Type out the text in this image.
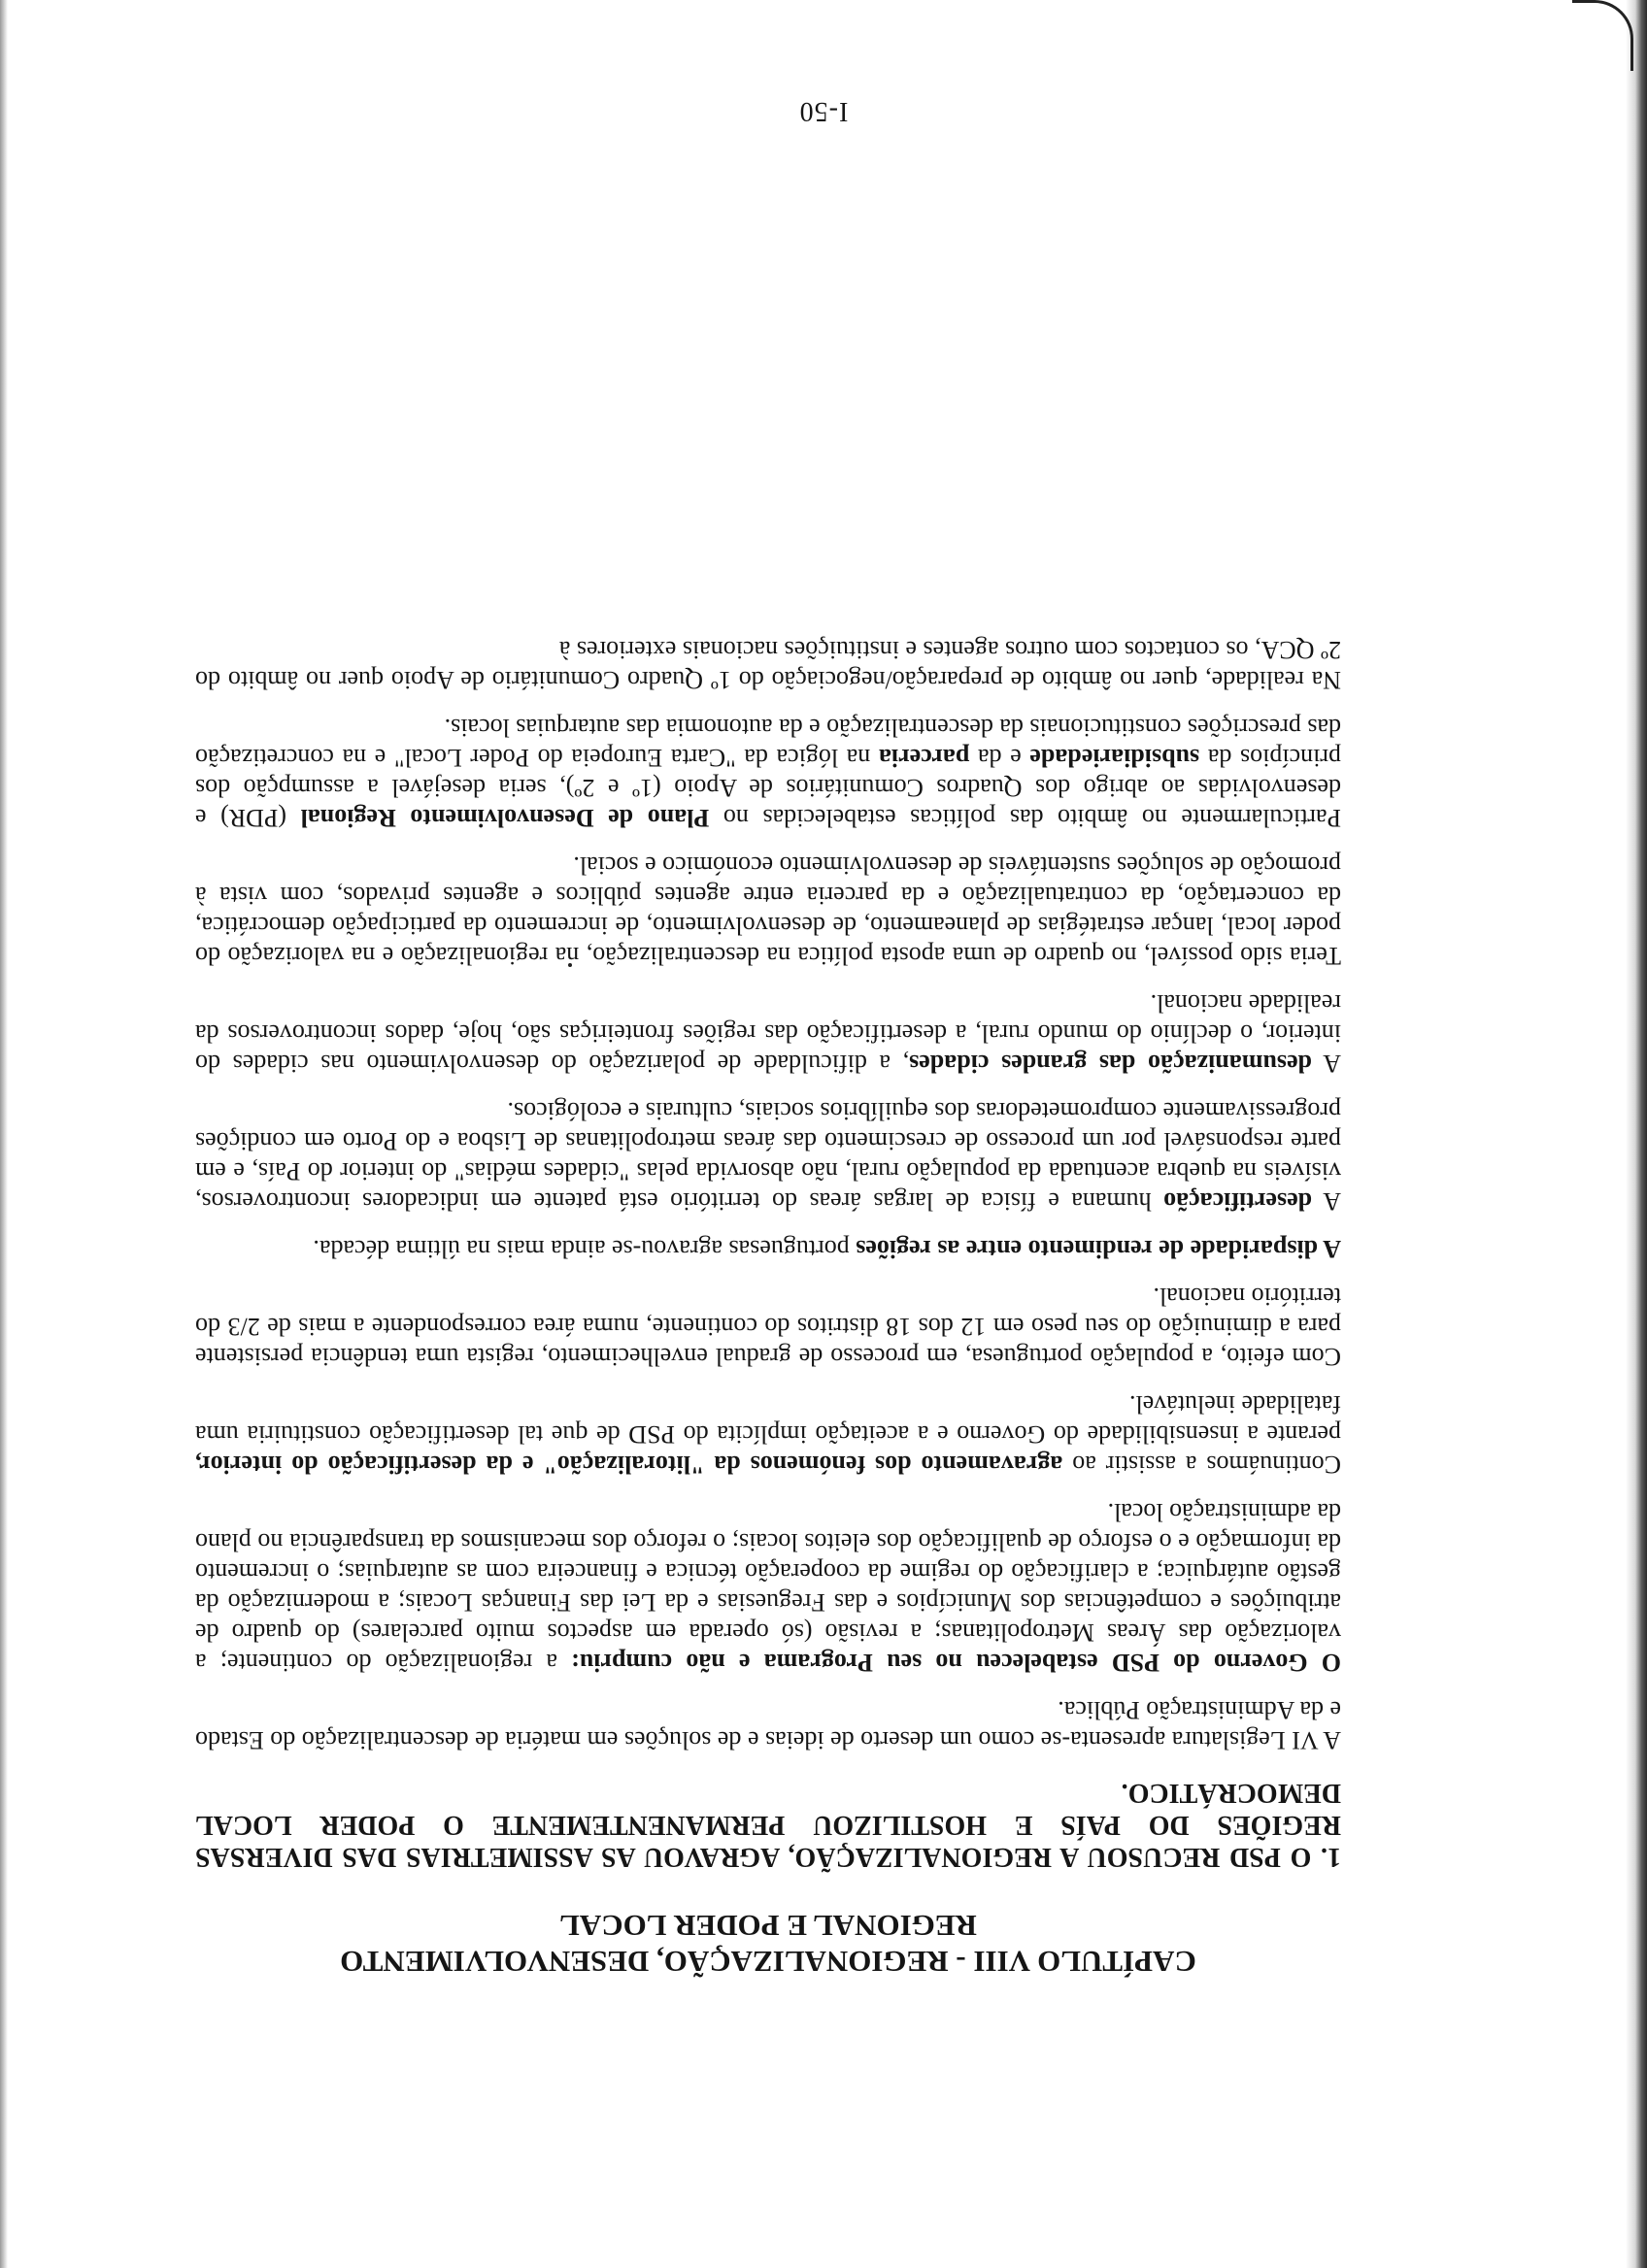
CAPÍTULO VIII - REGIONALIZAÇÃO, DESENVOLVIMENTO
REGIONAL E PODER LOCAL
1. O PSD RECUSOU A REGIONALIZAÇÃO, AGRAVOU AS ASSIMETRIAS DAS DIVERSAS REGIÕES DO PAÍS E HOSTILIZOU PERMANENTEMENTE O PODER LOCAL DEMOCRÁTICO.

A VI Legislatura apresenta-se como um deserto de ideias e de soluções em matéria de descentralização do Estado e da Administração Pública.

O Governo do PSD estabeleceu no seu Programa e não cumpriu: a regionalização do continente; a valorização das Áreas Metropolitanas; a revisão (só operada em aspectos muito parcelares) do quadro de atribuições e competências dos Municípios e das Freguesias e da Lei das Finanças Locais; a modernização da gestão autárquica; a clarificação do regime da cooperação técnica e financeira com as autarquias; o incremento da informação e o esforço de qualificação dos eleitos locais; o reforço dos mecanismos da transparência no plano da administração local.

Continuámos a assistir ao agravamento dos fenómenos da "litoralização" e da desertificação do interior, perante a insensibilidade do Governo e a aceitação implícita do PSD de que tal desertificação constituiria uma fatalidade inelutável.

Com efeito, a população portuguesa, em processo de gradual envelhecimento, regista uma tendência persistente para a diminuição do seu peso em 12 dos 18 distritos do continente, numa área correspondente a mais de 2/3 do território nacional.

A disparidade de rendimento entre as regiões portuguesas agravou-se ainda mais na última década.

A desertificação humana e física de largas áreas do território está patente em indicadores incontroversos, visíveis na quebra acentuada da população rural, não absorvida pelas "cidades médias" do interior do País, e em parte responsável por um processo de crescimento das áreas metropolitanas de Lisboa e do Porto em condições progressivamente comprometedoras dos equilíbrios sociais, culturais e ecológicos.

A desumanização das grandes cidades, a dificuldade de polarização do desenvolvimento nas cidades do interior, o declínio do mundo rural, a desertificação das regiões fronteiriças são, hoje, dados incontroversos da realidade nacional.

Teria sido possível, no quadro de uma aposta política na descentralização, na regionalização e na valorização do poder local, lançar estratégias de planeamento, de desenvolvimento, de incremento da participação democrática, da concertação, da contratualização e da parceria entre agentes públicos e agentes privados, com vista à promoção de soluções sustentáveis de desenvolvimento económico e social.

Particularmente no âmbito das políticas estabelecidas no Plano de Desenvolvimento Regional (PDR) e desenvolvidas ao abrigo dos Quadros Comunitários de Apoio (1º e 2º), seria desejável a assumpção dos princípios da subsidiariedade e da parceria na lógica da "Carta Europeia do Poder Local" e na concretização das prescrições constitucionais da descentralização e da autonomia das autarquias locais.

Na realidade, quer no âmbito de preparação/negociação do 1º Quadro Comunitário de Apoio quer no âmbito do 2º QCA, os contactos com outros agentes e instituições nacionais exteriores à

I-50
